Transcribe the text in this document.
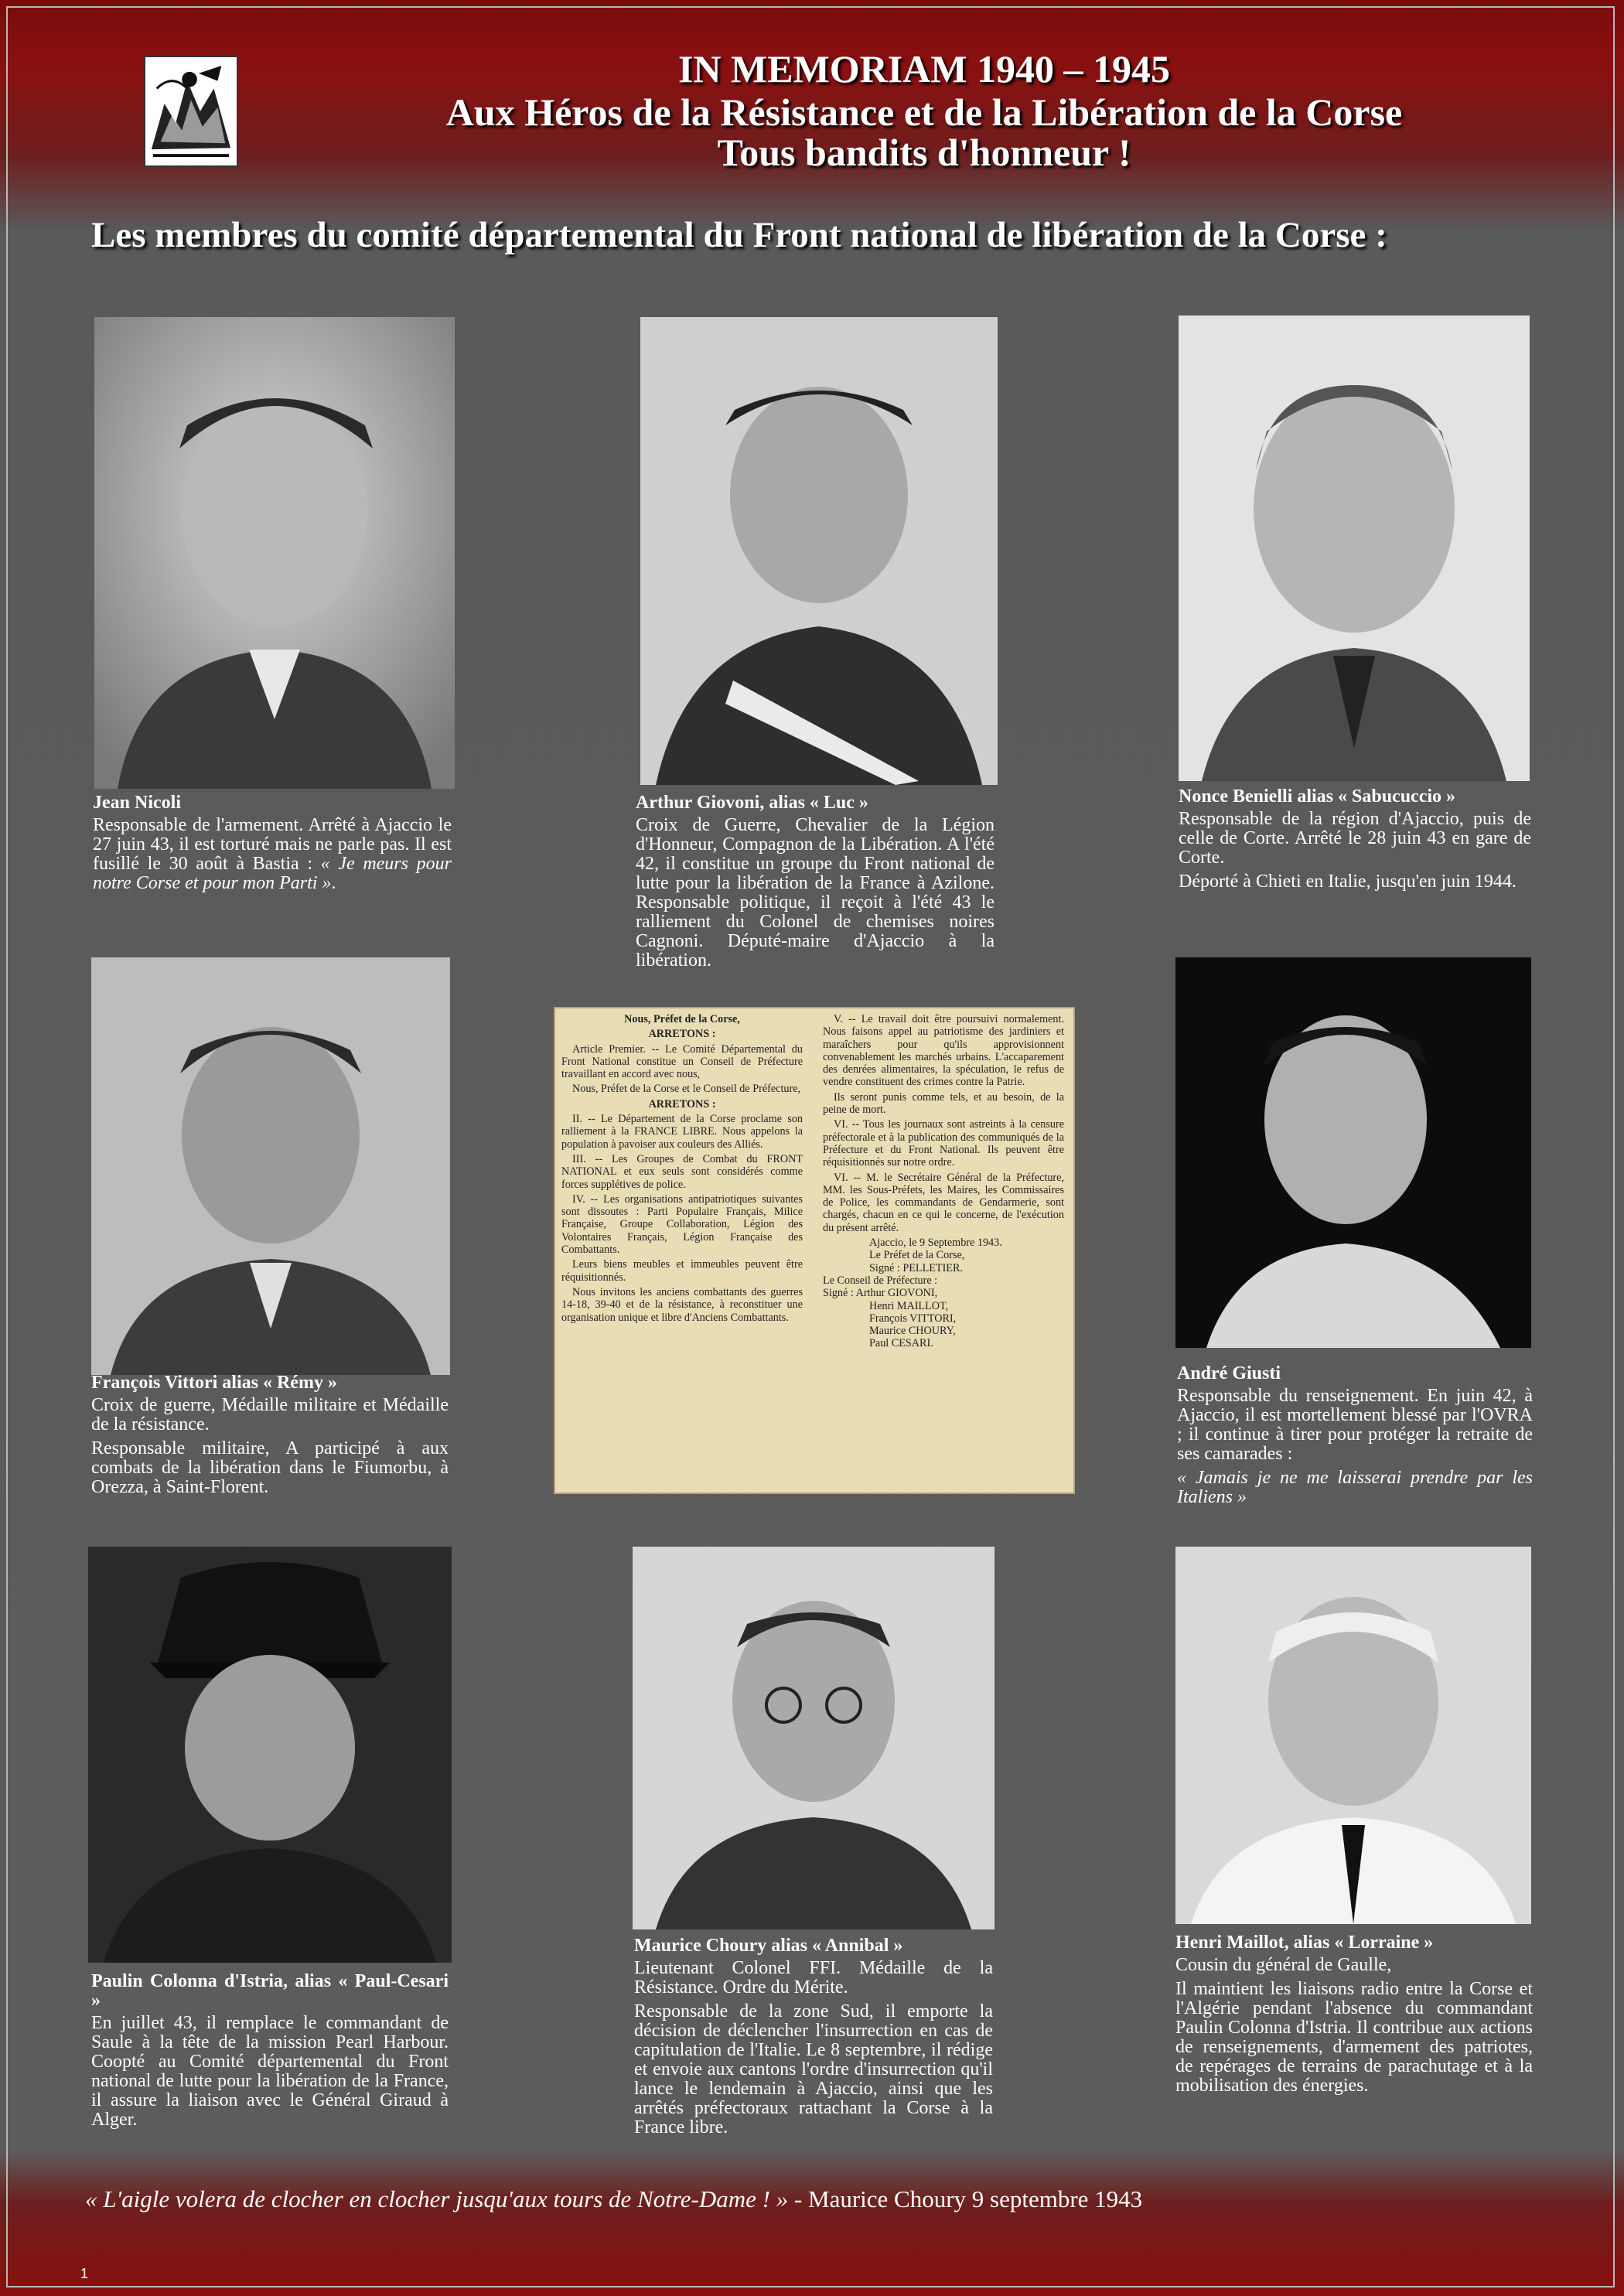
IN MEMORIAM 1940 – 1945
Aux Héros de la Résistance et de la Libération de la Corse
Tous bandits d'honneur !
Les membres du comité départemental du Front national de libération de la Corse :
Jean Nicoli

Responsable de l'armement. Arrêté à Ajaccio le 27 juin 43, il est torturé mais ne parle pas. Il est fusillé le 30 août à Bastia : « Je meurs pour notre Corse et pour mon Parti ».

Arthur Giovoni, alias « Luc »

Croix de Guerre, Chevalier de la Légion d'Honneur, Compagnon de la Libération. A l'été 42, il constitue un groupe du Front national de lutte pour la libération de la France à Azilone. Responsable politique, il reçoit à l'été 43 le ralliement du Colonel de chemises noires Cagnoni. Député-maire d'Ajaccio à la libération.

Nonce Benielli alias « Sabucuccio »

Responsable de la région d'Ajaccio, puis de celle de Corte. Arrêté le 28 juin 43 en gare de Corte.

Déporté à Chieti en Italie, jusqu'en juin 1944.

François Vittori alias « Rémy »

Croix de guerre, Médaille militaire et Médaille de la résistance.

Responsable militaire, A participé à aux combats de la libération dans le Fiumorbu, à Orezza, à Saint-Florent.

André Giusti

Responsable du renseignement. En juin 42, à Ajaccio, il est mortellement blessé par l'OVRA ; il continue à tirer pour protéger la retraite de ses camarades :

« Jamais je ne me laisserai prendre par les Italiens »

Paulin Colonna d'Istria, alias « Paul-Cesari »

En juillet 43, il remplace le commandant de Saule à la tête de la mission Pearl Harbour. Coopté au Comité départemental du Front national de lutte pour la libération de la France, il assure la liaison avec le Général Giraud à Alger.

Maurice Choury alias « Annibal »

Lieutenant Colonel FFI. Médaille de la Résistance. Ordre du Mérite.

Responsable de la zone Sud, il emporte la décision de déclencher l'insurrection en cas de capitulation de l'Italie. Le 8 septembre, il rédige et envoie aux cantons l'ordre d'insurrection qu'il lance le lendemain à Ajaccio, ainsi que les arrêtés préfectoraux rattachant la Corse à la France libre.

Henri Maillot, alias « Lorraine »

Cousin du général de Gaulle,

Il maintient les liaisons radio entre la Corse et l'Algérie pendant l'absence du commandant Paulin Colonna d'Istria. Il contribue aux actions de renseignements, d'armement des patriotes, de repérages de terrains de parachutage et à la mobilisation des énergies.

Nous, Préfet de la Corse,

ARRETONS :

Article Premier. -- Le Comité Départemental du Front National constitue un Conseil de Préfecture travaillant en accord avec nous,

Nous, Préfet de la Corse et le Conseil de Préfecture,

ARRETONS :

II. -- Le Département de la Corse proclame son ralliement à la FRANCE LIBRE. Nous appelons la population à pavoiser aux couleurs des Alliés.

III. -- Les Groupes de Combat du FRONT NATIONAL et eux seuls sont considérés comme forces supplétives de police.

IV. -- Les organisations antipatriotiques suivantes sont dissoutes : Parti Populaire Français, Milice Française, Groupe Collaboration, Légion des Volontaires Français, Légion Française des Combattants.

Leurs biens meubles et immeubles peuvent être réquisitionnés.

Nous invitons les anciens combattants des guerres 14-18, 39-40 et de la résistance, à reconstituer une organisation unique et libre d'Anciens Combattants.

V. -- Le travail doit être poursuivi normalement. Nous faisons appel au patriotisme des jardiniers et maraîchers pour qu'ils approvisionnent convenablement les marchés urbains. L'accaparement des denrées alimentaires, la spéculation, le refus de vendre constituent des crimes contre la Patrie.

Ils seront punis comme tels, et au besoin, de la peine de mort.

VI. -- Tous les journaux sont astreints à la censure préfectorale et à la publication des communiqués de la Préfecture et du Front National. Ils peuvent être réquisitionnés sur notre ordre.

VI. -- M. le Secrétaire Général de la Préfecture, MM. les Sous-Préfets, les Maires, les Commissaires de Police, les commandants de Gendarmerie, sont chargés, chacun en ce qui le concerne, de l'exécution du présent arrêté.

Ajaccio, le 9 Septembre 1943.

Le Préfet de la Corse,

Signé : PELLETIER.

Le Conseil de Préfecture :

Signé : Arthur GIOVONI,

Henri MAILLOT,

François VITTORI,

Maurice CHOURY,

Paul CESARI.

« L'aigle volera de clocher en clocher jusqu'aux tours de Notre-Dame ! » - Maurice Choury 9 septembre 1943
1
